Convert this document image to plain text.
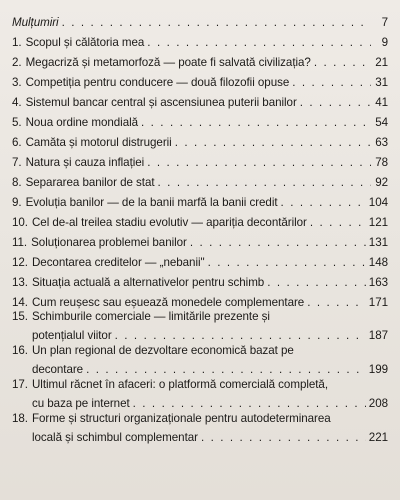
Mulțumiri . . .	7
1. Scopul și călătoria mea . . .	9
2. Megacriză și metamorfoză — poate fi salvată civilizația? . . .	21
3. Competiția pentru conducere — două filozofii opuse . . .	31
4. Sistemul bancar central și ascensiunea puterii banilor . . .	41
5. Noua ordine mondială . . .	54
6. Camăta și motorul distrugerii . . .	63
7. Natura și cauza inflației . . .	78
8. Separarea banilor de stat . . .	92
9. Evoluția banilor — de la banii marfă la banii credit . . .	104
10. Cel de-al treilea stadiu evolutiv — apariția decontărilor . . .	121
11. Soluționarea problemei banilor . . .	131
12. Decontarea creditelor — „nebanii" . . .	148
13. Situația actuală a alternativelor pentru schimb . . .	163
14. Cum reușesc sau eșuează monedele complementare . . .	171
15. Schimburile comerciale — limitările prezente și
potențialul viitor . . .	187
16. Un plan regional de dezvoltare economică bazat pe
decontare . . .	199
17. Ultimul răcnet în afaceri: o platformă comercială completă,
cu baza pe internet . . .	208
18. Forme și structuri organizaționale pentru autodeterminarea
locală și schimbul complementar . . .	221
